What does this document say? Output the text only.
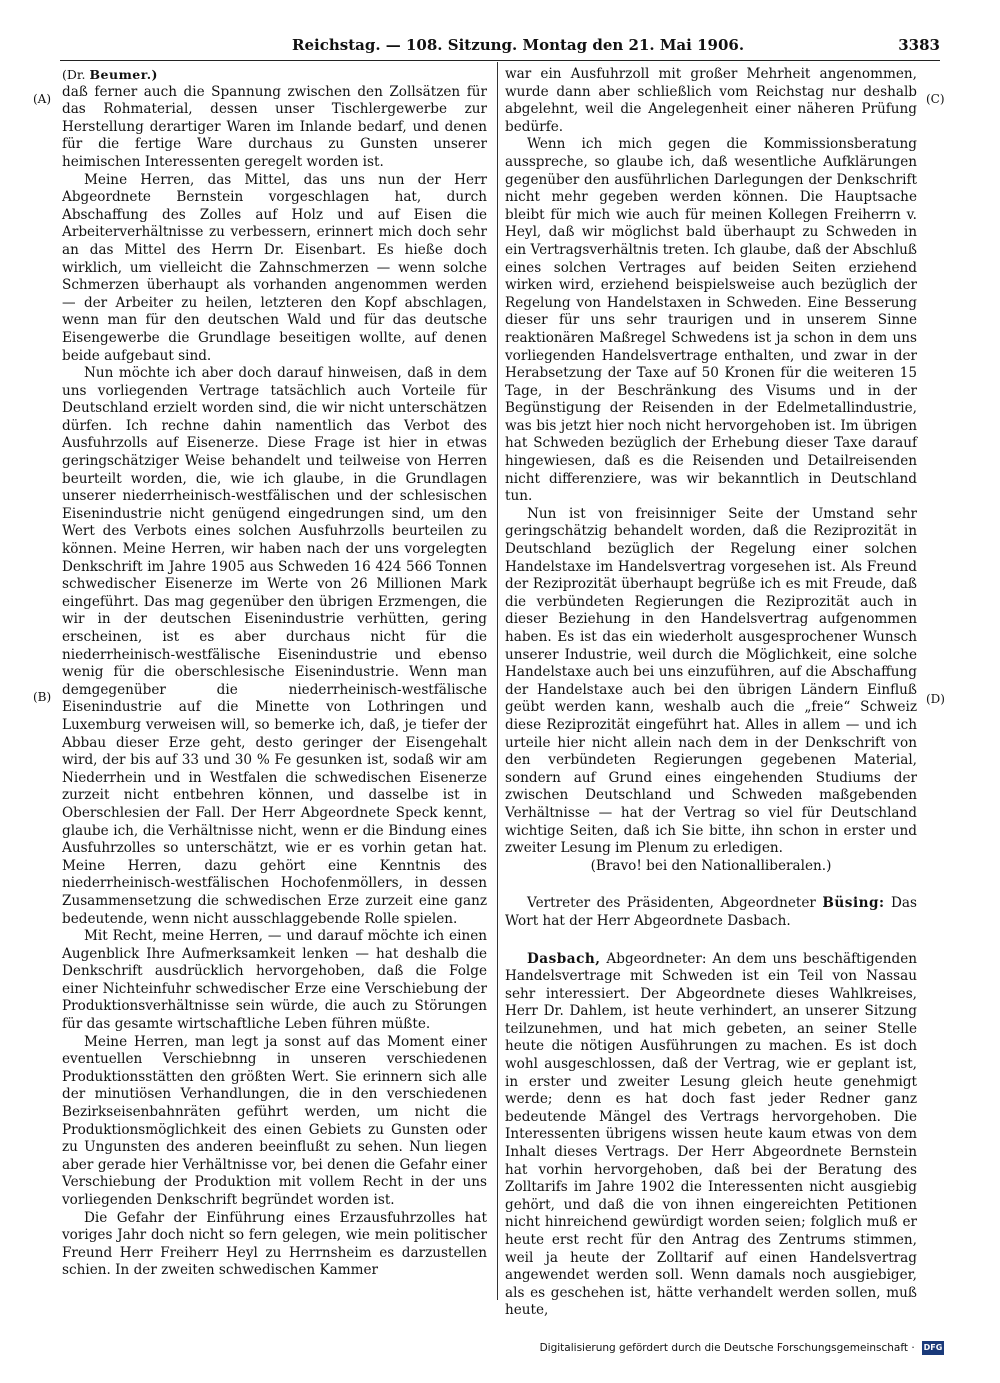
Reichstag. — 108. Sitzung. Montag den 21. Mai 1906.	3383
(A)
(B)
(C)
(D)

(Dr. Beumer.)

daß ferner auch die Spannung zwischen den Zollsätzen für das Rohmaterial, dessen unser Tischlergewerbe zur Herstellung derartiger Waren im Inlande bedarf, und denen für die fertige Ware durchaus zu Gunsten unserer heimischen Interessenten geregelt worden ist.

Meine Herren, das Mittel, das uns nun der Herr Abgeordnete Bernstein vorgeschlagen hat, durch Abschaffung des Zolles auf Holz und auf Eisen die Arbeiterverhältnisse zu verbessern, erinnert mich doch sehr an das Mittel des Herrn Dr. Eisenbart. Es hieße doch wirklich, um vielleicht die Zahnschmerzen — wenn solche Schmerzen überhaupt als vorhanden angenommen werden — der Arbeiter zu heilen, letzteren den Kopf abschlagen, wenn man für den deutschen Wald und für das deutsche Eisengewerbe die Grundlage beseitigen wollte, auf denen beide aufgebaut sind.

Nun möchte ich aber doch darauf hinweisen, daß in dem uns vorliegenden Vertrage tatsächlich auch Vorteile für Deutschland erzielt worden sind, die wir nicht unterschätzen dürfen. Ich rechne dahin namentlich das Verbot des Ausfuhrzolls auf Eisenerze. Diese Frage ist hier in etwas geringschätziger Weise behandelt und teilweise von Herren beurteilt worden, die, wie ich glaube, in die Grundlagen unserer niederrheinisch-westfälischen und der schlesischen Eisenindustrie nicht genügend eingedrungen sind, um den Wert des Verbots eines solchen Ausfuhrzolls beurteilen zu können. Meine Herren, wir haben nach der uns vorgelegten Denkschrift im Jahre 1905 aus Schweden 16 424 566 Tonnen schwedischer Eisenerze im Werte von 26 Millionen Mark eingeführt. Das mag gegenüber den übrigen Erzmengen, die wir in der deutschen Eisenindustrie verhütten, gering erscheinen, ist es aber durchaus nicht für die niederrheinisch-westfälische Eisenindustrie und ebenso wenig für die oberschlesische Eisenindustrie. Wenn man demgegenüber die niederrheinisch-westfälische Eisenindustrie auf die Minette von Lothringen und Luxemburg verweisen will, so bemerke ich, daß, je tiefer der Abbau dieser Erze geht, desto geringer der Eisengehalt wird, der bis auf 33 und 30 % Fe gesunken ist, sodaß wir am Niederrhein und in Westfalen die schwedischen Eisenerze zurzeit nicht entbehren können, und dasselbe ist in Oberschlesien der Fall. Der Herr Abgeordnete Speck kennt, glaube ich, die Verhältnisse nicht, wenn er die Bindung eines Ausfuhrzolles so unterschätzt, wie er es vorhin getan hat. Meine Herren, dazu gehört eine Kenntnis des niederrheinisch-westfälischen Hochofenmöllers, in dessen Zusammensetzung die schwedischen Erze zurzeit eine ganz bedeutende, wenn nicht ausschlaggebende Rolle spielen.

Mit Recht, meine Herren, — und darauf möchte ich einen Augenblick Ihre Aufmerksamkeit lenken — hat deshalb die Denkschrift ausdrücklich hervorgehoben, daß die Folge einer Nichteinfuhr schwedischer Erze eine Verschiebung der Produktionsverhältnisse sein würde, die auch zu Störungen für das gesamte wirtschaftliche Leben führen müßte.

Meine Herren, man legt ja sonst auf das Moment einer eventuellen Verschiebnng in unseren verschiedenen Produktionsstätten den größten Wert. Sie erinnern sich alle der minutiösen Verhandlungen, die in den verschiedenen Bezirkseisenbahnräten geführt werden, um nicht die Produktionsmöglichkeit des einen Gebiets zu Gunsten oder zu Ungunsten des anderen beeinflußt zu sehen. Nun liegen aber gerade hier Verhältnisse vor, bei denen die Gefahr einer Verschiebung der Produktion mit vollem Recht in der uns vorliegenden Denkschrift begründet worden ist.

Die Gefahr der Einführung eines Erzausfuhrzolles hat voriges Jahr doch nicht so fern gelegen, wie mein politischer Freund Herr Freiherr Heyl zu Herrnsheim es darzustellen schien. In der zweiten schwedischen Kammer

war ein Ausfuhrzoll mit großer Mehrheit angenommen, wurde dann aber schließlich vom Reichstag nur deshalb abgelehnt, weil die Angelegenheit einer näheren Prüfung bedürfe.

Wenn ich mich gegen die Kommissionsberatung ausspreche, so glaube ich, daß wesentliche Aufklärungen gegenüber den ausführlichen Darlegungen der Denkschrift nicht mehr gegeben werden können. Die Hauptsache bleibt für mich wie auch für meinen Kollegen Freiherrn v. Heyl, daß wir möglichst bald überhaupt zu Schweden in ein Vertragsverhältnis treten. Ich glaube, daß der Abschluß eines solchen Vertrages auf beiden Seiten erziehend wirken wird, erziehend beispielsweise auch bezüglich der Regelung von Handelstaxen in Schweden. Eine Besserung dieser für uns sehr traurigen und in unserem Sinne reaktionären Maßregel Schwedens ist ja schon in dem uns vorliegenden Handelsvertrage enthalten, und zwar in der Herabsetzung der Taxe auf 50 Kronen für die weiteren 15 Tage, in der Beschränkung des Visums und in der Begünstigung der Reisenden in der Edelmetallindustrie, was bis jetzt hier noch nicht hervorgehoben ist. Im übrigen hat Schweden bezüglich der Erhebung dieser Taxe darauf hingewiesen, daß es die Reisenden und Detailreisenden nicht differenziere, was wir bekanntlich in Deutschland tun.

Nun ist von freisinniger Seite der Umstand sehr geringschätzig behandelt worden, daß die Reziprozität in Deutschland bezüglich der Regelung einer solchen Handelstaxe im Handelsvertrag vorgesehen ist. Als Freund der Reziprozität überhaupt begrüße ich es mit Freude, daß die verbündeten Regierungen die Reziprozität auch in dieser Beziehung in den Handelsvertrag aufgenommen haben. Es ist das ein wiederholt ausgesprochener Wunsch unserer Industrie, weil durch die Möglichkeit, eine solche Handelstaxe auch bei uns einzuführen, auf die Abschaffung der Handelstaxe auch bei den übrigen Ländern Einfluß geübt werden kann, weshalb auch die „freie“ Schweiz diese Reziprozität eingeführt hat. Alles in allem — und ich urteile hier nicht allein nach dem in der Denkschrift von den verbündeten Regierungen gegebenen Material, sondern auf Grund eines eingehenden Studiums der zwischen Deutschland und Schweden maßgebenden Verhältnisse — hat der Vertrag so viel für Deutschland wichtige Seiten, daß ich Sie bitte, ihn schon in erster und zweiter Lesung im Plenum zu erledigen.

(Bravo! bei den Nationalliberalen.)

Vertreter des Präsidenten, Abgeordneter Büsing: Das Wort hat der Herr Abgeordnete Dasbach.

Dasbach, Abgeordneter: An dem uns beschäftigenden Handelsvertrage mit Schweden ist ein Teil von Nassau sehr interessiert. Der Abgeordnete dieses Wahlkreises, Herr Dr. Dahlem, ist heute verhindert, an unserer Sitzung teilzunehmen, und hat mich gebeten, an seiner Stelle heute die nötigen Ausführungen zu machen. Es ist doch wohl ausgeschlossen, daß der Vertrag, wie er geplant ist, in erster und zweiter Lesung gleich heute genehmigt werde; denn es hat doch fast jeder Redner ganz bedeutende Mängel des Vertrags hervorgehoben. Die Interessenten übrigens wissen heute kaum etwas von dem Inhalt dieses Vertrags. Der Herr Abgeordnete Bernstein hat vorhin hervorgehoben, daß bei der Beratung des Zolltarifs im Jahre 1902 die Interessenten nicht ausgiebig gehört, und daß die von ihnen eingereichten Petitionen nicht hinreichend gewürdigt worden seien; folglich muß er heute erst recht für den Antrag des Zentrums stimmen, weil ja heute der Zolltarif auf einen Handelsvertrag angewendet werden soll. Wenn damals noch ausgiebiger, als es geschehen ist, hätte verhandelt werden sollen, muß heute,

Digitalisierung gefördert durch die Deutsche Forschungsgemeinschaft · DFG
